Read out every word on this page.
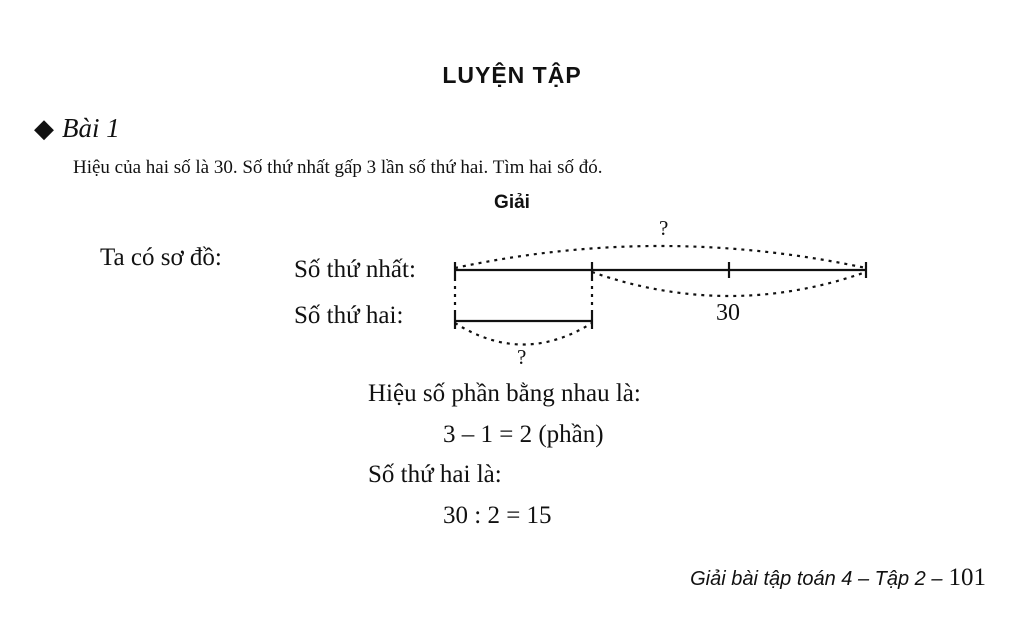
LUYỆN TẬP
◆ Bài 1
Hiệu của hai số là 30. Số thứ nhất gấp 3 lần số thứ hai. Tìm hai số đó.
Giải
Ta có sơ đồ:	Số thứ nhất:
Số thứ hai:
?
30
?
Hiệu số phần bằng nhau là:
3 – 1 = 2 (phần)
Số thứ hai là:
30 : 2 = 15
Giải bài tập toán 4 – Tập 2 – 101
